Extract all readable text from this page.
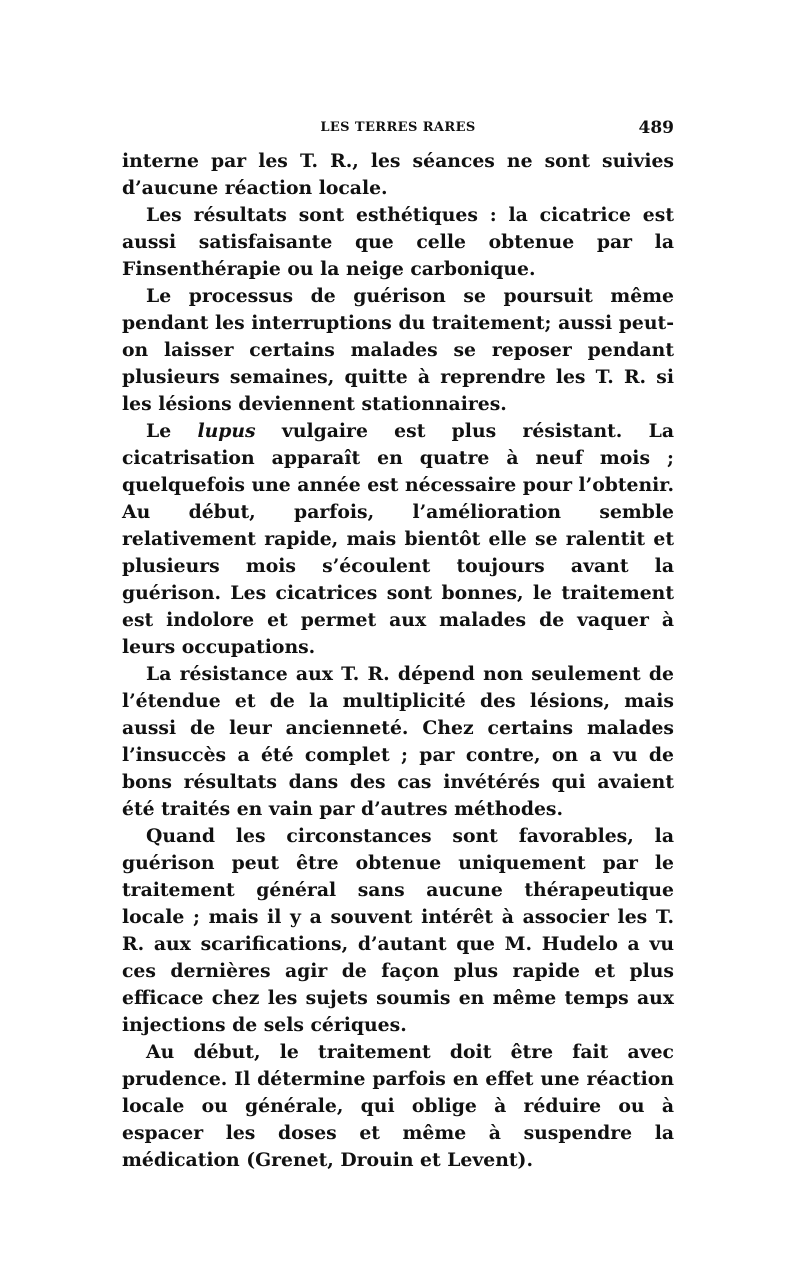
LES TERRES RARES	489

interne par les T. R., les séances ne sont suivies d’aucune réaction locale.

Les résultats sont esthétiques : la cicatrice est aussi satisfaisante que celle obtenue par la Finsenthérapie ou la neige carbonique.

Le processus de guérison se poursuit même pendant les interruptions du traitement; aussi peut-on laisser certains malades se reposer pendant plusieurs semaines, quitte à reprendre les T. R. si les lésions deviennent stationnaires.

Le lupus vulgaire est plus résistant. La cicatrisation apparaît en quatre à neuf mois ; quelquefois une année est nécessaire pour l’obtenir. Au début, parfois, l’amélioration semble relativement rapide, mais bientôt elle se ralentit et plusieurs mois s’écoulent toujours avant la guérison. Les cicatrices sont bonnes, le traitement est indolore et permet aux malades de vaquer à leurs occupations.

La résistance aux T. R. dépend non seulement de l’étendue et de la multiplicité des lésions, mais aussi de leur ancienneté. Chez certains malades l’insuccès a été complet ; par contre, on a vu de bons résultats dans des cas invétérés qui avaient été traités en vain par d’autres méthodes.

Quand les circonstances sont favorables, la guérison peut être obtenue uniquement par le traitement général sans aucune thérapeutique locale ; mais il y a souvent intérêt à associer les T. R. aux scarifications, d’autant que M. Hudelo a vu ces dernières agir de façon plus rapide et plus efficace chez les sujets soumis en même temps aux injections de sels cériques.

Au début, le traitement doit être fait avec prudence. Il détermine parfois en effet une réaction locale ou générale, qui oblige à réduire ou à espacer les doses et même à suspendre la médication (Grenet, Drouin et Levent).
